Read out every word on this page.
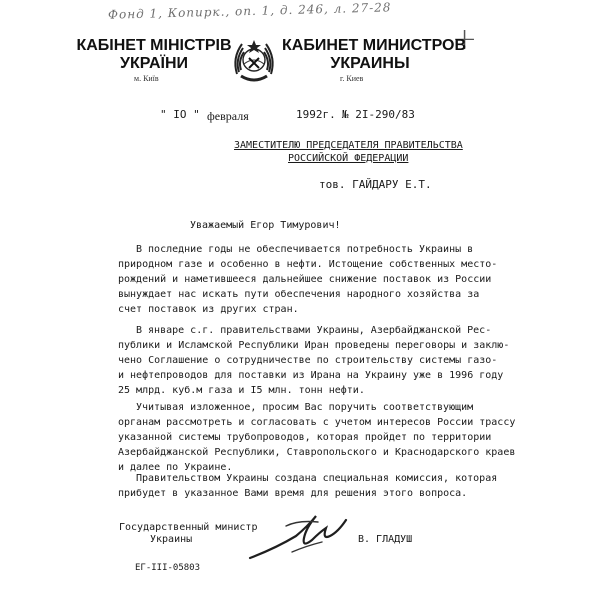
Фонд 1, Копирк., оп. 1, д. 246, л. 27-28
+
КАБІНЕТ МІНІСТРІВ
УКРАЇНИ
м. Київ
КАБИНЕТ МИНИСТРОВ
УКРАИНЫ
г. Киев
" IO " февраля	1992г. № 2I-290/83
ЗАМЕСТИТЕЛЮ ПРЕДСЕДАТЕЛЯ ПРАВИТЕЛЬСТВА
РОССИЙСКОЙ ФЕДЕРАЦИИ
тов. ГАЙДАРУ Е.Т.
Уважаемый Егор Тимурович!
В последние годы не обеспечивается потребность Украины в
природном газе и особенно в нефти. Истощение собственных место-
рождений и наметившееся дальнейшее снижение поставок из России
вынуждает нас искать пути обеспечения народного хозяйства за
счет поставок из других стран.
В январе с.г. правительствами Украины, Азербайджанской Рес-
публики и Исламской Республики Иран проведены переговоры и заклю-
чено Соглашение о сотрудничестве по строительству системы газо-
и нефтепроводов для поставки из Ирана на Украину уже в 1996 году
25 млрд. куб.м газа и I5 млн. тонн нефти.
Учитывая изложенное, просим Вас поручить соответствующим
органам рассмотреть и согласовать с учетом интересов России трассу
указанной системы трубопроводов, которая пройдет по территории
Азербайджанской Республики, Ставропольского и Краснодарского краев
и далее по Украине.
Правительством Украины создана специальная комиссия, которая
прибудет в указанное Вами время для решения этого вопроса.
Государственный министр
Украины	В. ГЛАДУШ
ЕГ-ІІІ-05803
